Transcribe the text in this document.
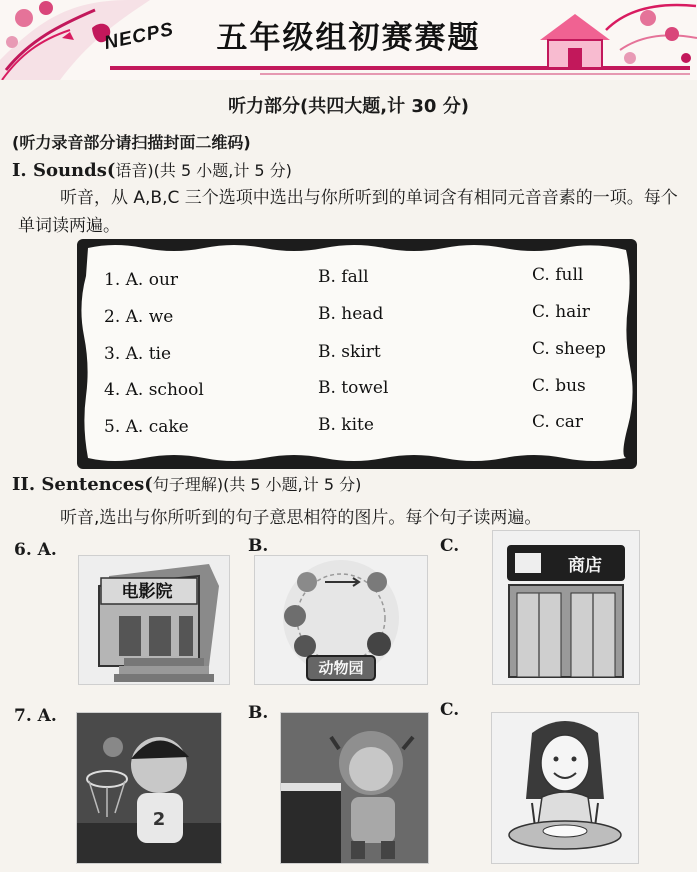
NECPS	五年级组初赛赛题
听力部分(共四大题,计 30 分)
(听力录音部分请扫描封面二维码)
I. Sounds(语音)(共 5 小题,计 5 分)
听音，从 A,B,C 三个选项中选出与你所听到的单词含有相同元音音素的一项。每个单词读两遍。
1. A. our	B. fall	C. full
2. A. we	B. head	C. hair
3. A. tie	B. skirt	C. sheep
4. A. school	B. towel	C. bus
5. A. cake	B. kite	C. car
II. Sentences(句子理解)(共 5 小题,计 5 分)
听音,选出与你所听到的句子意思相符的图片。每个句子读两遍。
6. A.	B.	C.
电影院
动物园
商店
7. A.	B.	C.
2
